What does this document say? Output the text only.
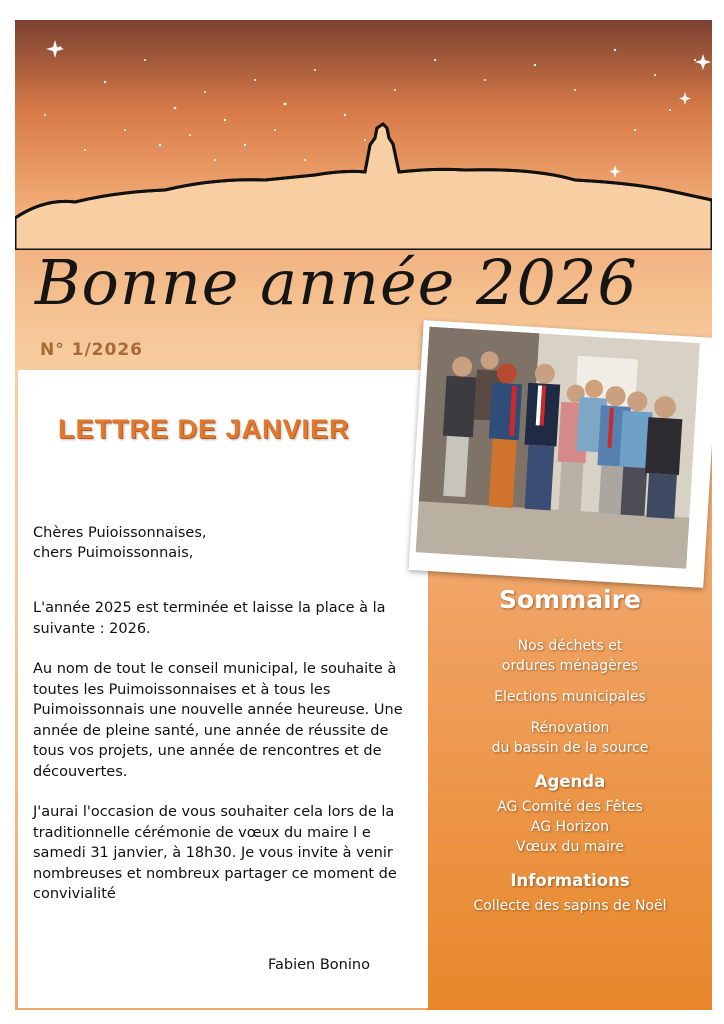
Bonne année 2026
N° 1/2026
LETTRE DE JANVIER
Chères Puioissonnaises,
chers Puimoissonnais,

L'année 2025 est terminée et laisse la place à la suivante : 2026.

Au nom de tout le conseil municipal, le souhaite à toutes les Puimoissonnaises et à tous les Puimoissonnais une nouvelle année heureuse. Une année de pleine santé, une année de réussite de tous vos projets, une année de rencontres et de découvertes.

J'aurai l'occasion de vous souhaiter cela lors de la traditionnelle cérémonie de vœux du maire l e samedi 31 janvier, à 18h30. Je vous invite à venir nombreuses et nombreux partager ce moment de convivialité

Fabien Bonino
Sommaire
Nos déchets et
ordures ménagères
Elections municipales
Rénovation
du bassin de la source
Agenda
AG Comité des Fêtes
AG Horizon
Vœux du maire
Informations
Collecte des sapins de Noël
